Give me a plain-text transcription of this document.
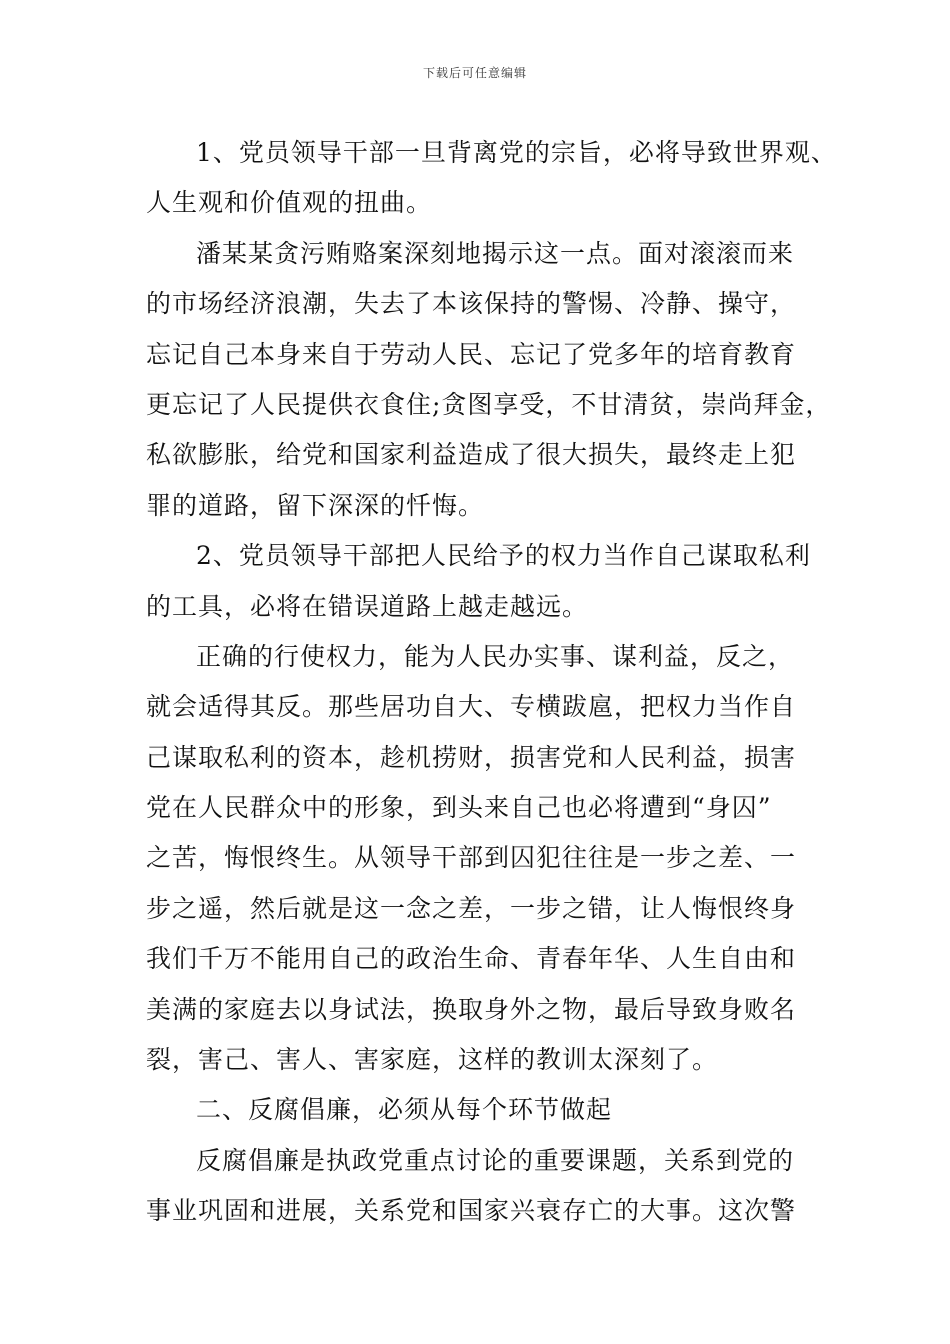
下载后可任意编辑
1、党员领导干部一旦背离党的宗旨，必将导致世界观、
人生观和价值观的扭曲。
潘某某贪污贿赂案深刻地揭示这一点。面对滚滚而来
的市场经济浪潮，失去了本该保持的警惕、冷静、操守，
忘记自己本身来自于劳动人民、忘记了党多年的培育教育
更忘记了人民提供衣食住;贪图享受，不甘清贫，崇尚拜金，
私欲膨胀，给党和国家利益造成了很大损失，最终走上犯
罪的道路，留下深深的忏悔。
2、党员领导干部把人民给予的权力当作自己谋取私利
的工具，必将在错误道路上越走越远。
正确的行使权力，能为人民办实事、谋利益，反之，
就会适得其反。那些居功自大、专横跋扈，把权力当作自
己谋取私利的资本，趁机捞财，损害党和人民利益，损害
党在人民群众中的形象，到头来自己也必将遭到“身囚”
之苦，悔恨终生。从领导干部到囚犯往往是一步之差、一
步之遥，然后就是这一念之差，一步之错，让人悔恨终身
我们千万不能用自己的政治生命、青春年华、人生自由和
美满的家庭去以身试法，换取身外之物，最后导致身败名
裂，害己、害人、害家庭，这样的教训太深刻了。
二、反腐倡廉，必须从每个环节做起
反腐倡廉是执政党重点讨论的重要课题，关系到党的
事业巩固和进展，关系党和国家兴衰存亡的大事。这次警
